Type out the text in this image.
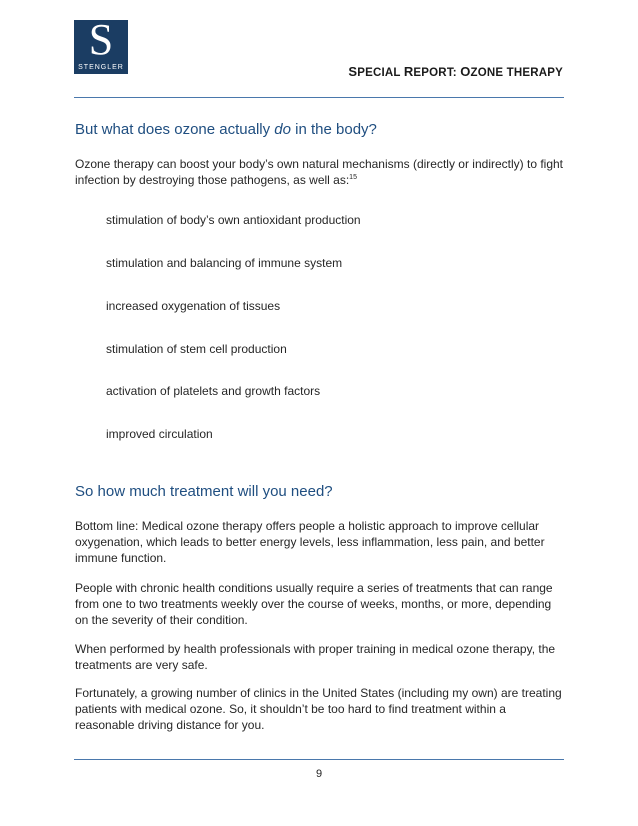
S
STENGLER	SPECIAL REPORT: OZONE THERAPY
But what does ozone actually do in the body?

Ozone therapy can boost your body’s own natural mechanisms (directly or indirectly) to fight infection by destroying those pathogens, as well as:$^{15}$

stimulation of body’s own antioxidant production

stimulation and balancing of immune system

increased oxygenation of tissues

stimulation of stem cell production

activation of platelets and growth factors

improved circulation

So how much treatment will you need?

Bottom line: Medical ozone therapy offers people a holistic approach to improve cellular oxygenation, which leads to better energy levels, less inflammation, less pain, and better immune function.

People with chronic health conditions usually require a series of treatments that can range from one to two treatments weekly over the course of weeks, months, or more, depending on the severity of their condition.

When performed by health professionals with proper training in medical ozone therapy, the treatments are very safe.

Fortunately, a growing number of clinics in the United States (including my own) are treating patients with medical ozone. So, it shouldn’t be too hard to find treatment within a reasonable driving distance for you.

9
